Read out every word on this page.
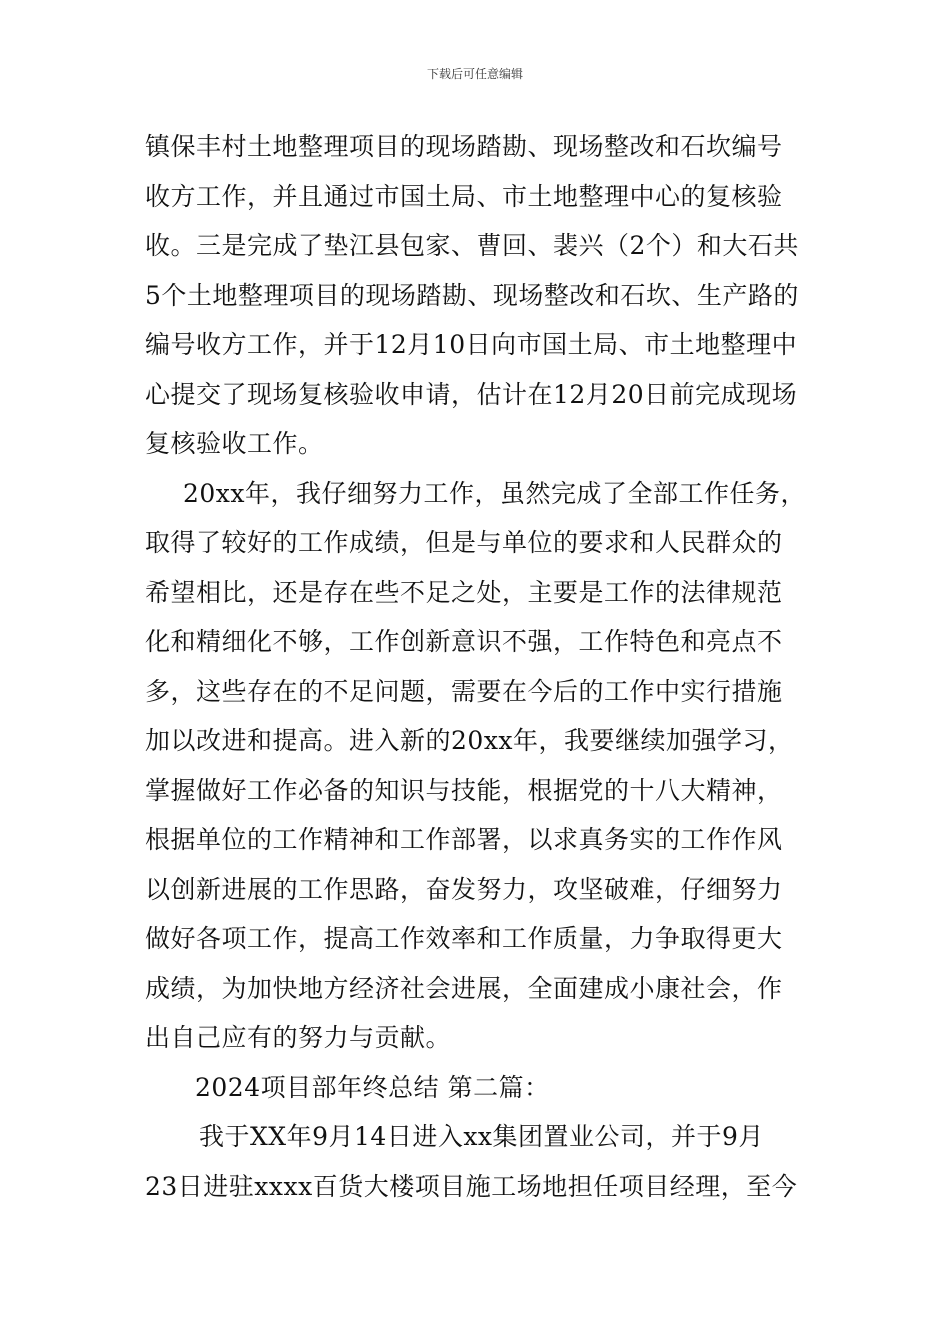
下载后可任意编辑
镇保丰村土地整理项目的现场踏勘、现场整改和石坎编号
收方工作，并且通过市国土局、市土地整理中心的复核验
收。三是完成了垫江县包家、曹回、裴兴（2个）和大石共
5个土地整理项目的现场踏勘、现场整改和石坎、生产路的
编号收方工作，并于12月10日向市国土局、市土地整理中
心提交了现场复核验收申请，估计在12月20日前完成现场
复核验收工作。
20xx年，我仔细努力工作，虽然完成了全部工作任务，
取得了较好的工作成绩，但是与单位的要求和人民群众的
希望相比，还是存在些不足之处，主要是工作的法律规范
化和精细化不够，工作创新意识不强，工作特色和亮点不
多，这些存在的不足问题，需要在今后的工作中实行措施
加以改进和提高。进入新的20xx年，我要继续加强学习，
掌握做好工作必备的知识与技能，根据党的十八大精神，
根据单位的工作精神和工作部署，以求真务实的工作作风
以创新进展的工作思路，奋发努力，攻坚破难，仔细努力
做好各项工作，提高工作效率和工作质量，力争取得更大
成绩，为加快地方经济社会进展，全面建成小康社会，作
出自己应有的努力与贡献。
2024项目部年终总结 第二篇：
我于XX年9月14日进入xx集团置业公司，并于9月
23日进驻xxxx百货大楼项目施工场地担任项目经理，至今
